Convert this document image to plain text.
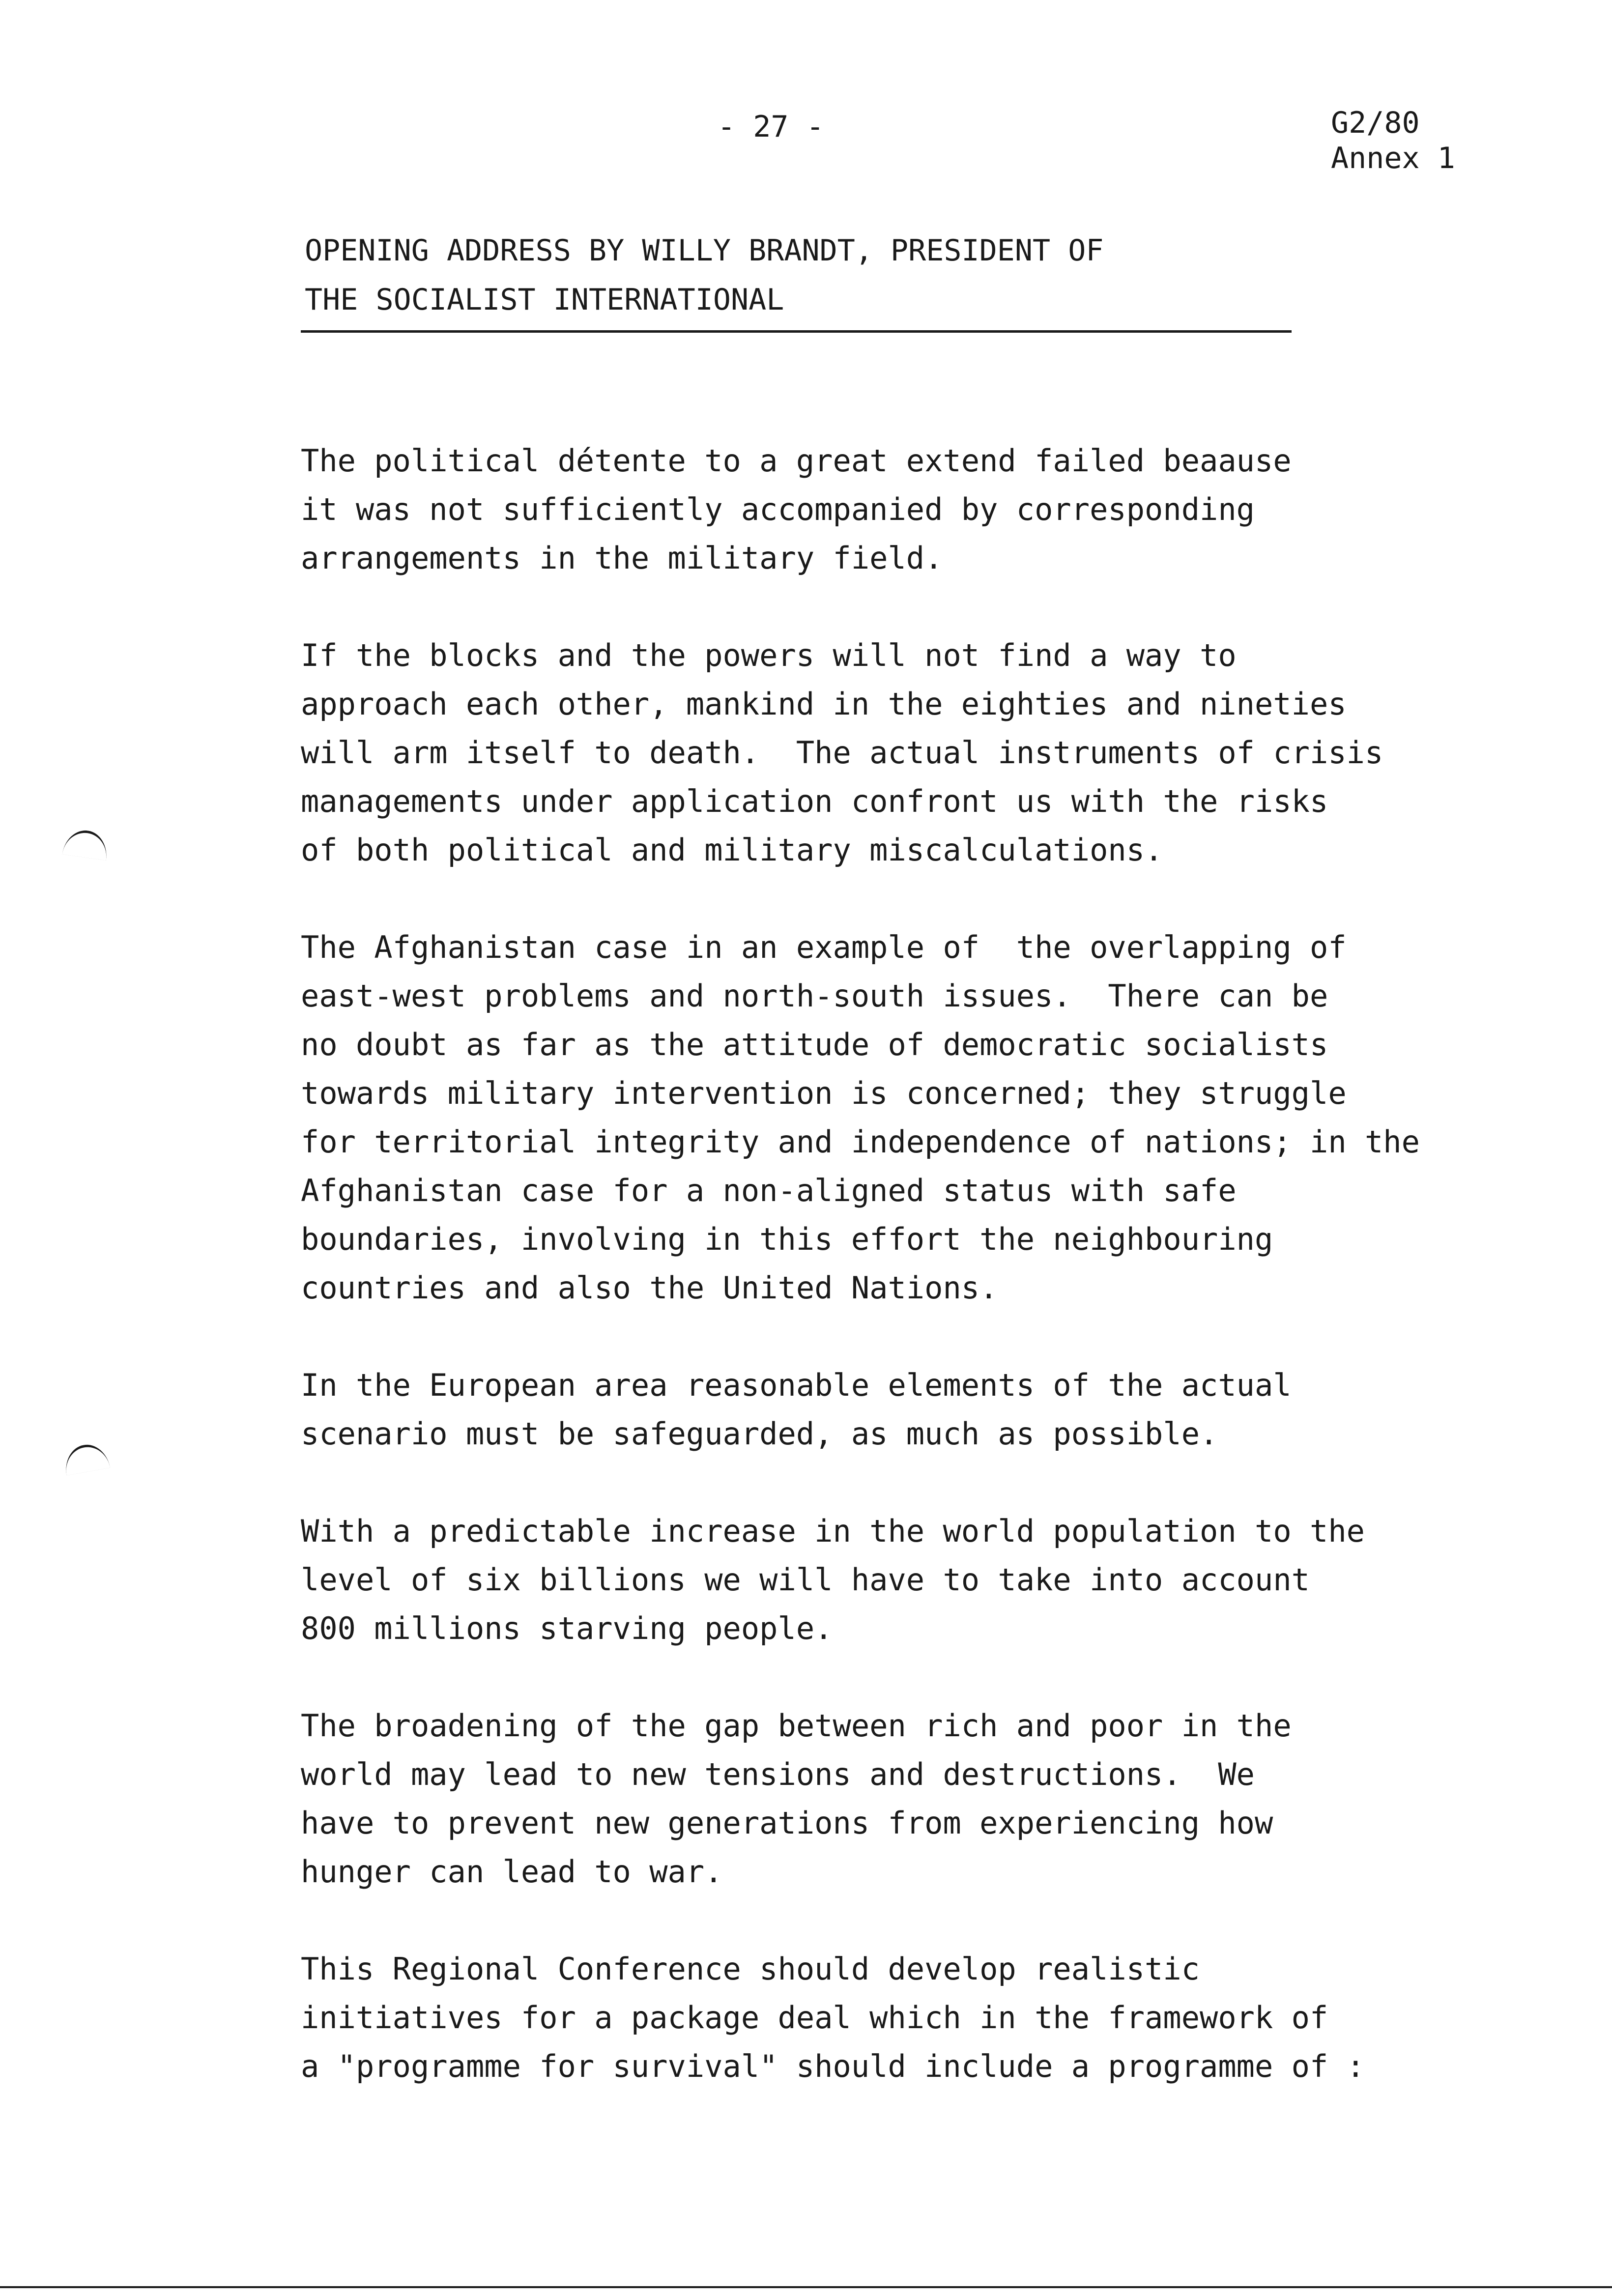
- 27 -	G2/80
Annex 1
OPENING ADDRESS BY WILLY BRANDT, PRESIDENT OF
THE SOCIALIST INTERNATIONAL
The political détente to a great extend failed beaause
it was not sufficiently accompanied by corresponding
arrangements in the military field.
If the blocks and the powers will not find a way to
approach each other, mankind in the eighties and nineties
will arm itself to death.  The actual instruments of crisis
managements under application confront us with the risks
of both political and military miscalculations.
The Afghanistan case in an example of  the overlapping of
east-west problems and north-south issues.  There can be
no doubt as far as the attitude of democratic socialists
towards military intervention is concerned; they struggle
for territorial integrity and independence of nations; in the
Afghanistan case for a non-aligned status with safe
boundaries, involving in this effort the neighbouring
countries and also the United Nations.
In the European area reasonable elements of the actual
scenario must be safeguarded, as much as possible.
With a predictable increase in the world population to the
level of six billions we will have to take into account
800 millions starving people.
The broadening of the gap between rich and poor in the
world may lead to new tensions and destructions.  We
have to prevent new generations from experiencing how
hunger can lead to war.
This Regional Conference should develop realistic
initiatives for a package deal which in the framework of
a "programme for survival" should include a programme of :
